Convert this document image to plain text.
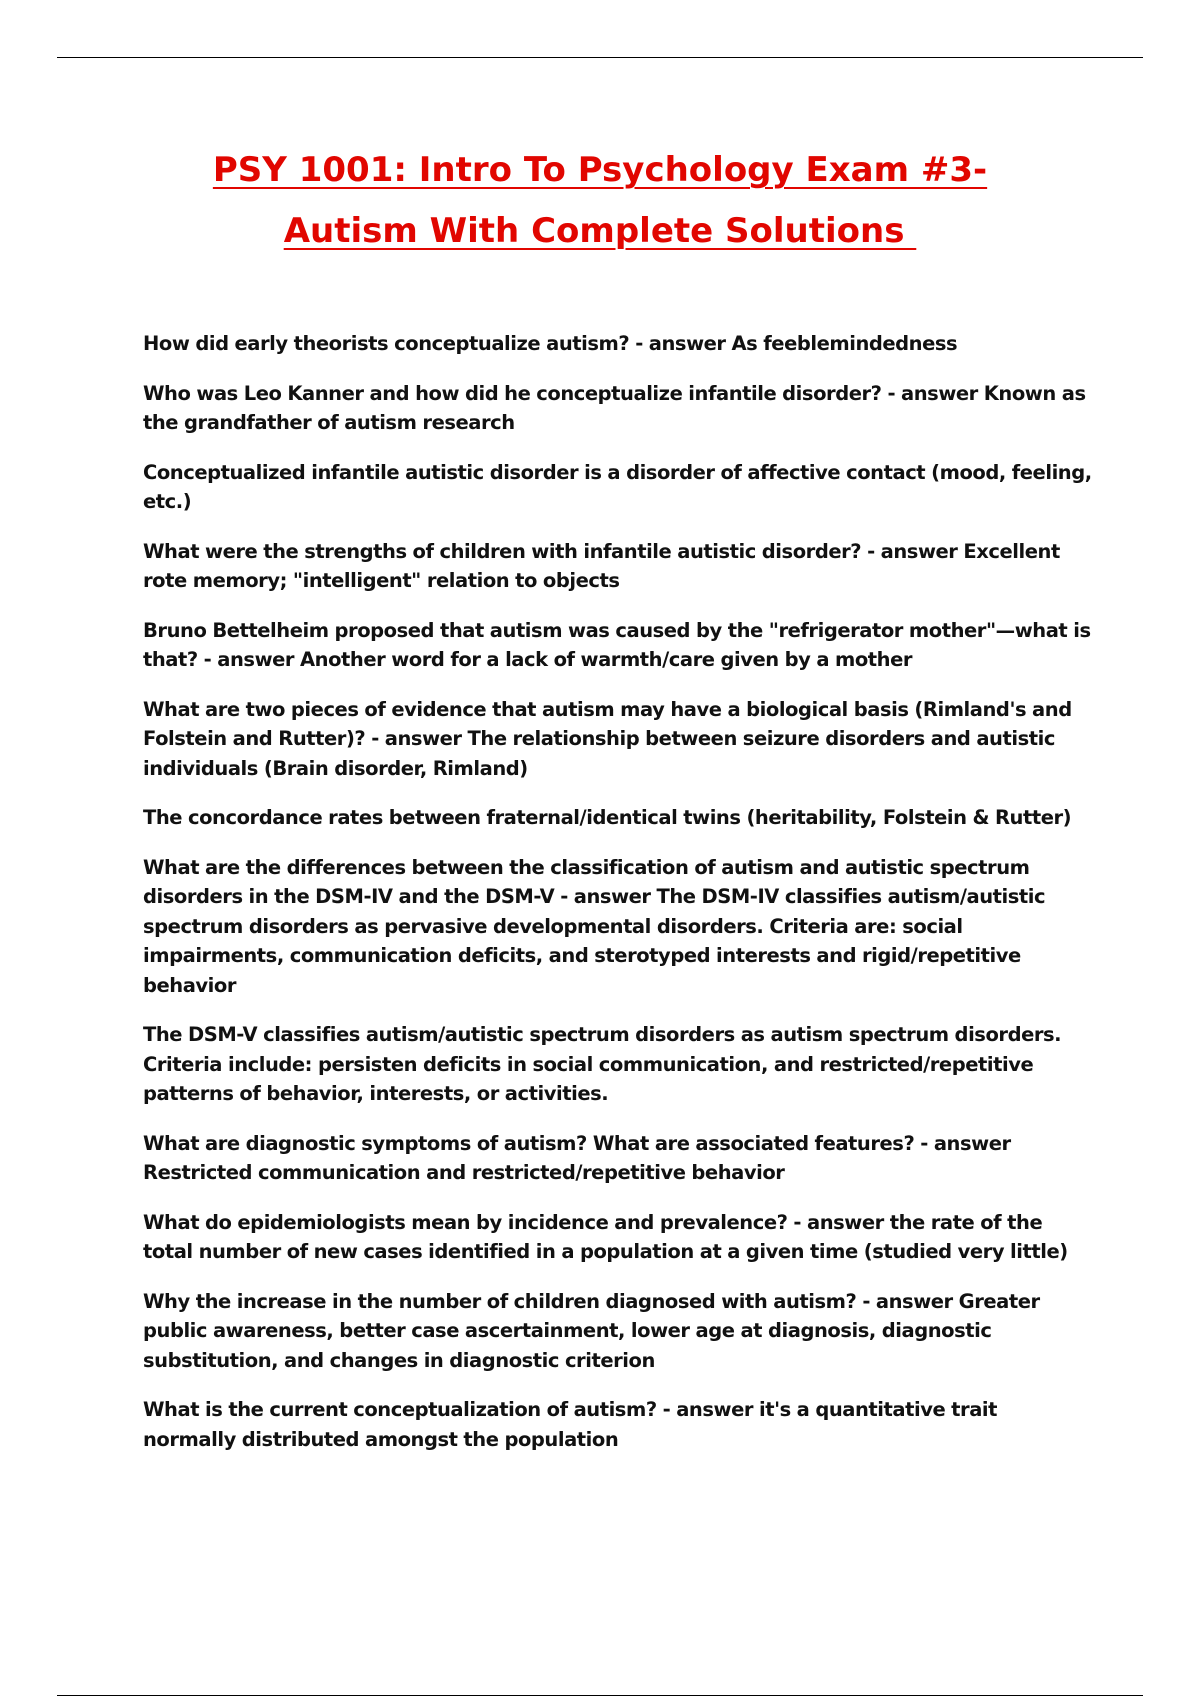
PSY 1001: Intro To Psychology Exam #3-
Autism With Complete Solutions

How did early theorists conceptualize autism? - answer As feeblemindedness

Who was Leo Kanner and how did he conceptualize infantile disorder? - answer Known as the grandfather of autism research

Conceptualized infantile autistic disorder is a disorder of affective contact (mood, feeling, etc.)

What were the strengths of children with infantile autistic disorder? - answer Excellent rote memory; "intelligent" relation to objects

Bruno Bettelheim proposed that autism was caused by the "refrigerator mother"—what is that? - answer Another word for a lack of warmth/care given by a mother

What are two pieces of evidence that autism may have a biological basis (Rimland's and Folstein and Rutter)? - answer The relationship between seizure disorders and autistic individuals (Brain disorder, Rimland)

The concordance rates between fraternal/identical twins (heritability, Folstein & Rutter)

What are the differences between the classification of autism and autistic spectrum disorders in the DSM-IV and the DSM-V - answer The DSM-IV classifies autism/autistic spectrum disorders as pervasive developmental disorders. Criteria are: social impairments, communication deficits, and sterotyped interests and rigid/repetitive behavior

The DSM-V classifies autism/autistic spectrum disorders as autism spectrum disorders. Criteria include: persisten deficits in social communication, and restricted/repetitive patterns of behavior, interests, or activities.

What are diagnostic symptoms of autism? What are associated features? - answer Restricted communication and restricted/repetitive behavior

What do epidemiologists mean by incidence and prevalence? - answer the rate of the total number of new cases identified in a population at a given time (studied very little)

Why the increase in the number of children diagnosed with autism? - answer Greater public awareness, better case ascertainment, lower age at diagnosis, diagnostic substitution, and changes in diagnostic criterion

What is the current conceptualization of autism? - answer it's a quantitative trait normally distributed amongst the population
